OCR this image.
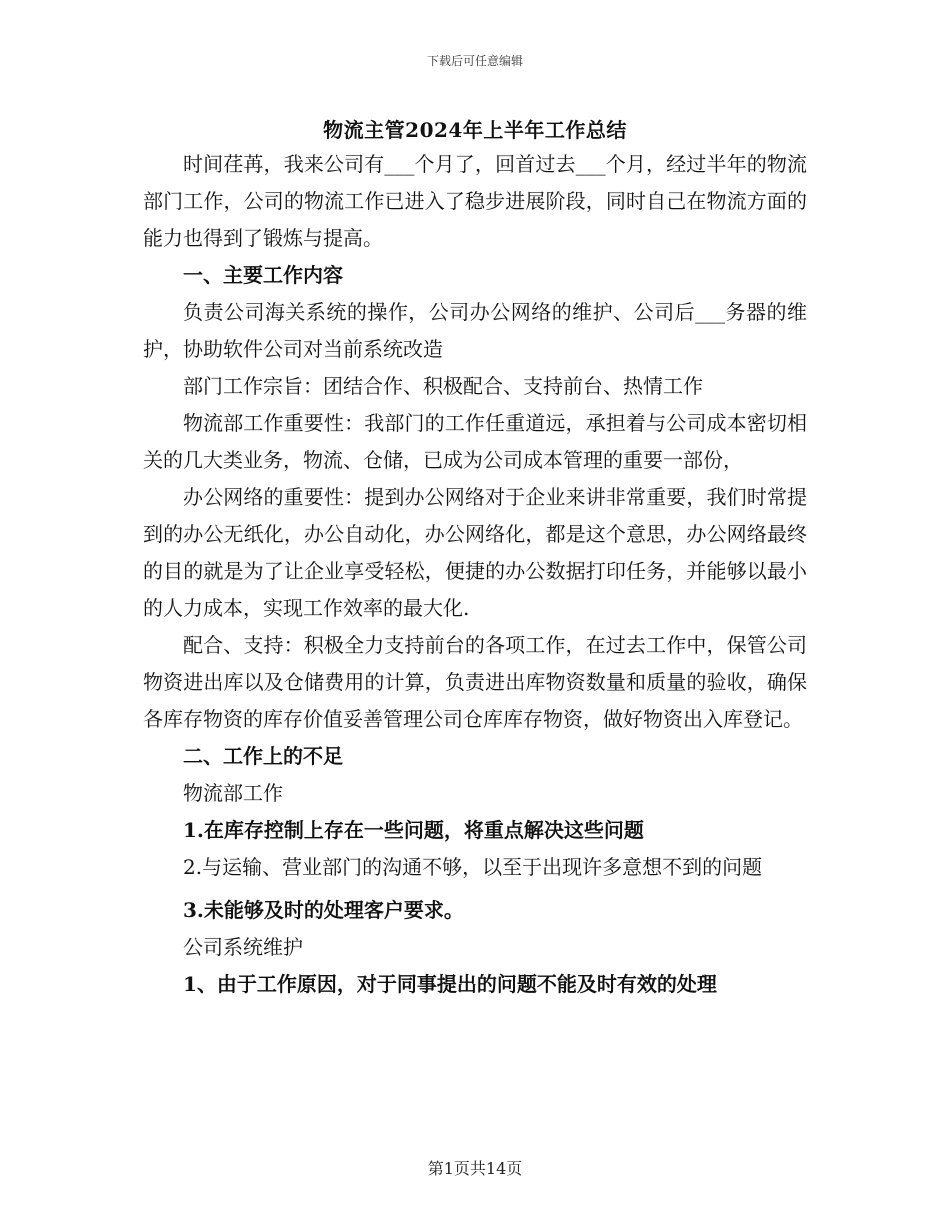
下载后可任意编辑
物流主管2024年上半年工作总结

时间荏苒，我来公司有___个月了，回首过去___个月，经过半年的物流部门工作，公司的物流工作已进入了稳步进展阶段，同时自己在物流方面的能力也得到了锻炼与提高。

一、主要工作内容

负责公司海关系统的操作，公司办公网络的维护、公司后___务器的维护，协助软件公司对当前系统改造

部门工作宗旨：团结合作、积极配合、支持前台、热情工作

物流部工作重要性：我部门的工作任重道远，承担着与公司成本密切相关的几大类业务，物流、仓储，已成为公司成本管理的重要一部份，

办公网络的重要性：提到办公网络对于企业来讲非常重要，我们时常提到的办公无纸化，办公自动化，办公网络化，都是这个意思，办公网络最终的目的就是为了让企业享受轻松，便捷的办公数据打印任务，并能够以最小的人力成本，实现工作效率的最大化.

配合、支持：积极全力支持前台的各项工作，在过去工作中，保管公司物资进出库以及仓储费用的计算，负责进出库物资数量和质量的验收，确保各库存物资的库存价值妥善管理公司仓库库存物资，做好物资出入库登记。

二、工作上的不足

物流部工作

1.在库存控制上存在一些问题，将重点解决这些问题

2.与运输、营业部门的沟通不够，以至于出现许多意想不到的问题

3.未能够及时的处理客户要求。

公司系统维护

1、由于工作原因，对于同事提出的问题不能及时有效的处理

第1页共14页
